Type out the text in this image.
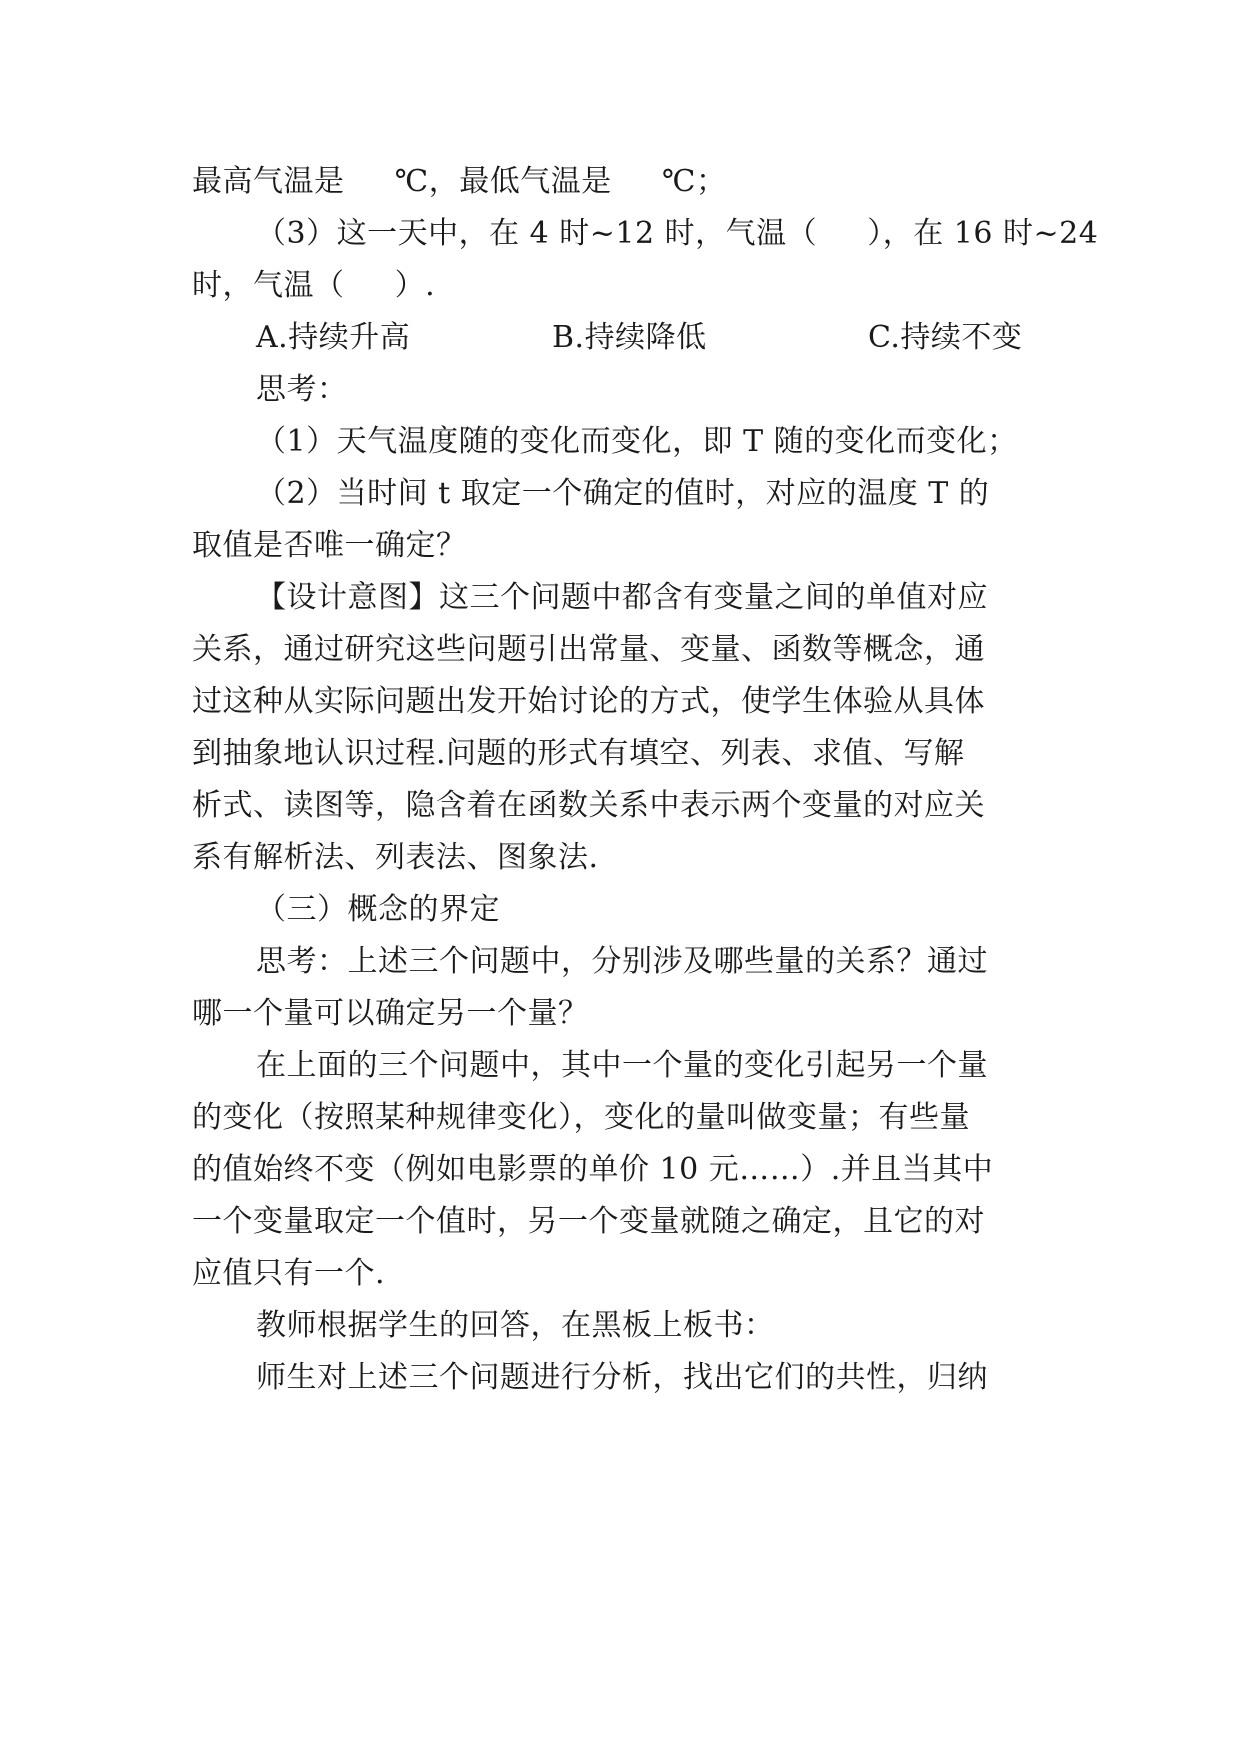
最高气温是     ℃，最低气温是     ℃；
（3）这一天中，在 4 时~12 时，气温（     ），在 16 时~24
时，气温（     ）.
A.持续升高	B.持续降低	C.持续不变
思考：
（1）天气温度随的变化而变化，即 T 随的变化而变化；
（2）当时间 t 取定一个确定的值时，对应的温度 T 的
取值是否唯一确定？
【设计意图】这三个问题中都含有变量之间的单值对应
关系，通过研究这些问题引出常量、变量、函数等概念，通
过这种从实际问题出发开始讨论的方式，使学生体验从具体
到抽象地认识过程.问题的形式有填空、列表、求值、写解
析式、读图等，隐含着在函数关系中表示两个变量的对应关
系有解析法、列表法、图象法.
（三）概念的界定
思考：上述三个问题中，分别涉及哪些量的关系？通过
哪一个量可以确定另一个量？
在上面的三个问题中，其中一个量的变化引起另一个量
的变化（按照某种规律变化），变化的量叫做变量；有些量
的值始终不变（例如电影票的单价 10 元……）.并且当其中
一个变量取定一个值时，另一个变量就随之确定，且它的对
应值只有一个.
教师根据学生的回答，在黑板上板书：
师生对上述三个问题进行分析，找出它们的共性，归纳
